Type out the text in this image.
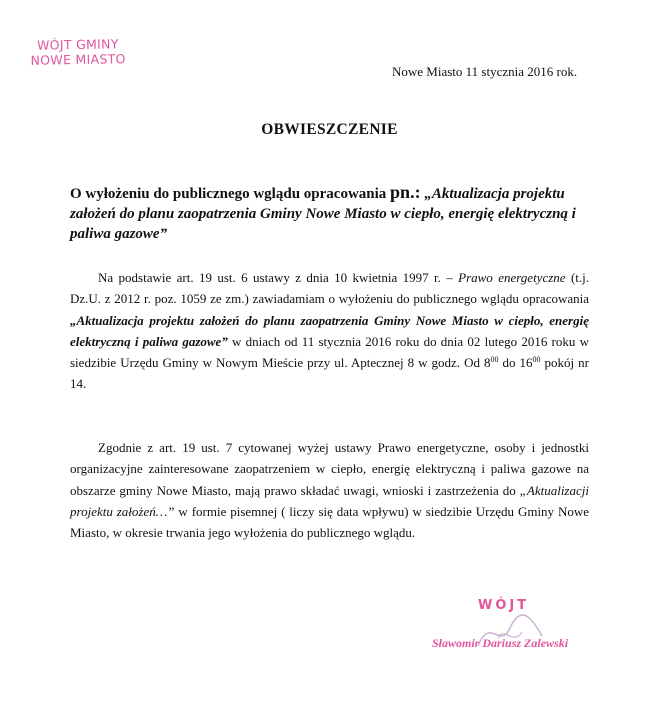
WÓJT GMINY
NOWE MIASTO
Nowe Miasto 11 stycznia 2016 rok.
OBWIESZCZENIE
O wyłożeniu do publicznego wglądu opracowania pn.: „Aktualizacja projektu założeń do planu zaopatrzenia Gminy Nowe Miasto w ciepło, energię elektryczną i paliwa gazowe”
Na podstawie art. 19 ust. 6 ustawy z dnia 10 kwietnia 1997 r. – Prawo energetyczne (t.j. Dz.U. z 2012 r. poz. 1059 ze zm.) zawiadamiam o wyłożeniu do publicznego wglądu opracowania „Aktualizacja projektu założeń do planu zaopatrzenia Gminy Nowe Miasto w ciepło, energię elektryczną i paliwa gazowe” w dniach od 11 stycznia 2016 roku do dnia 02 lutego 2016 roku w siedzibie Urzędu Gminy w Nowym Mieście przy ul. Aptecznej 8 w godz. Od $8^{00}$ do $16^{00}$ pokój nr 14.
Zgodnie z art. 19 ust. 7 cytowanej wyżej ustawy Prawo energetyczne, osoby i jednostki organizacyjne zainteresowane zaopatrzeniem w ciepło, energię elektryczną i paliwa gazowe na obszarze gminy Nowe Miasto, mają prawo składać uwagi, wnioski i zastrzeżenia do „Aktualizacji projektu założeń…” w formie pisemnej ( liczy się data wpływu) w siedzibie Urzędu Gminy Nowe Miasto, w okresie trwania jego wyłożenia do publicznego wglądu.
WÓJT
Sławomir Dariusz Zalewski
